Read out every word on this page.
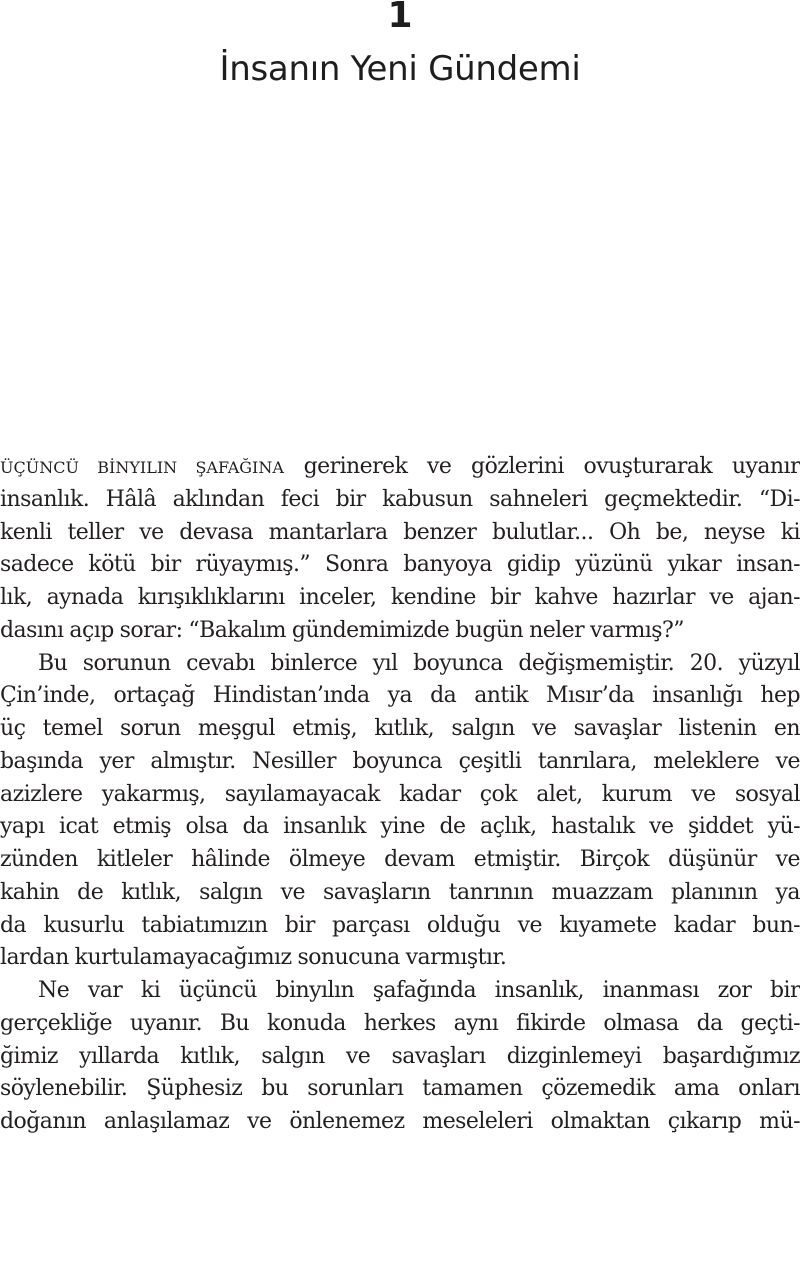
1
İnsanın Yeni Gündemi
ÜÇÜNCÜ BİNYILIN ŞAFAĞINA gerinerek ve gözlerini ovuşturarak uyanır
insanlık. Hâlâ aklından feci bir kabusun sahneleri geçmektedir. “Di-
kenli teller ve devasa mantarlara benzer bulutlar... Oh be, neyse ki
sadece kötü bir rüyaymış.” Sonra banyoya gidip yüzünü yıkar insan-
lık, aynada kırışıklıklarını inceler, kendine bir kahve hazırlar ve ajan-
dasını açıp sorar: “Bakalım gündemimizde bugün neler varmış?”
Bu sorunun cevabı binlerce yıl boyunca değişmemiştir. 20. yüzyıl
Çin’inde, ortaçağ Hindistan’ında ya da antik Mısır’da insanlığı hep
üç temel sorun meşgul etmiş, kıtlık, salgın ve savaşlar listenin en
başında yer almıştır. Nesiller boyunca çeşitli tanrılara, meleklere ve
azizlere yakarmış, sayılamayacak kadar çok alet, kurum ve sosyal
yapı icat etmiş olsa da insanlık yine de açlık, hastalık ve şiddet yü-
zünden kitleler hâlinde ölmeye devam etmiştir. Birçok düşünür ve
kahin de kıtlık, salgın ve savaşların tanrının muazzam planının ya
da kusurlu tabiatımızın bir parçası olduğu ve kıyamete kadar bun-
lardan kurtulamayacağımız sonucuna varmıştır.
Ne var ki üçüncü binyılın şafağında insanlık, inanması zor bir
gerçekliğe uyanır. Bu konuda herkes aynı fikirde olmasa da geçti-
ğimiz yıllarda kıtlık, salgın ve savaşları dizginlemeyi başardığımız
söylenebilir. Şüphesiz bu sorunları tamamen çözemedik ama onları
doğanın anlaşılamaz ve önlenemez meseleleri olmaktan çıkarıp mü-
